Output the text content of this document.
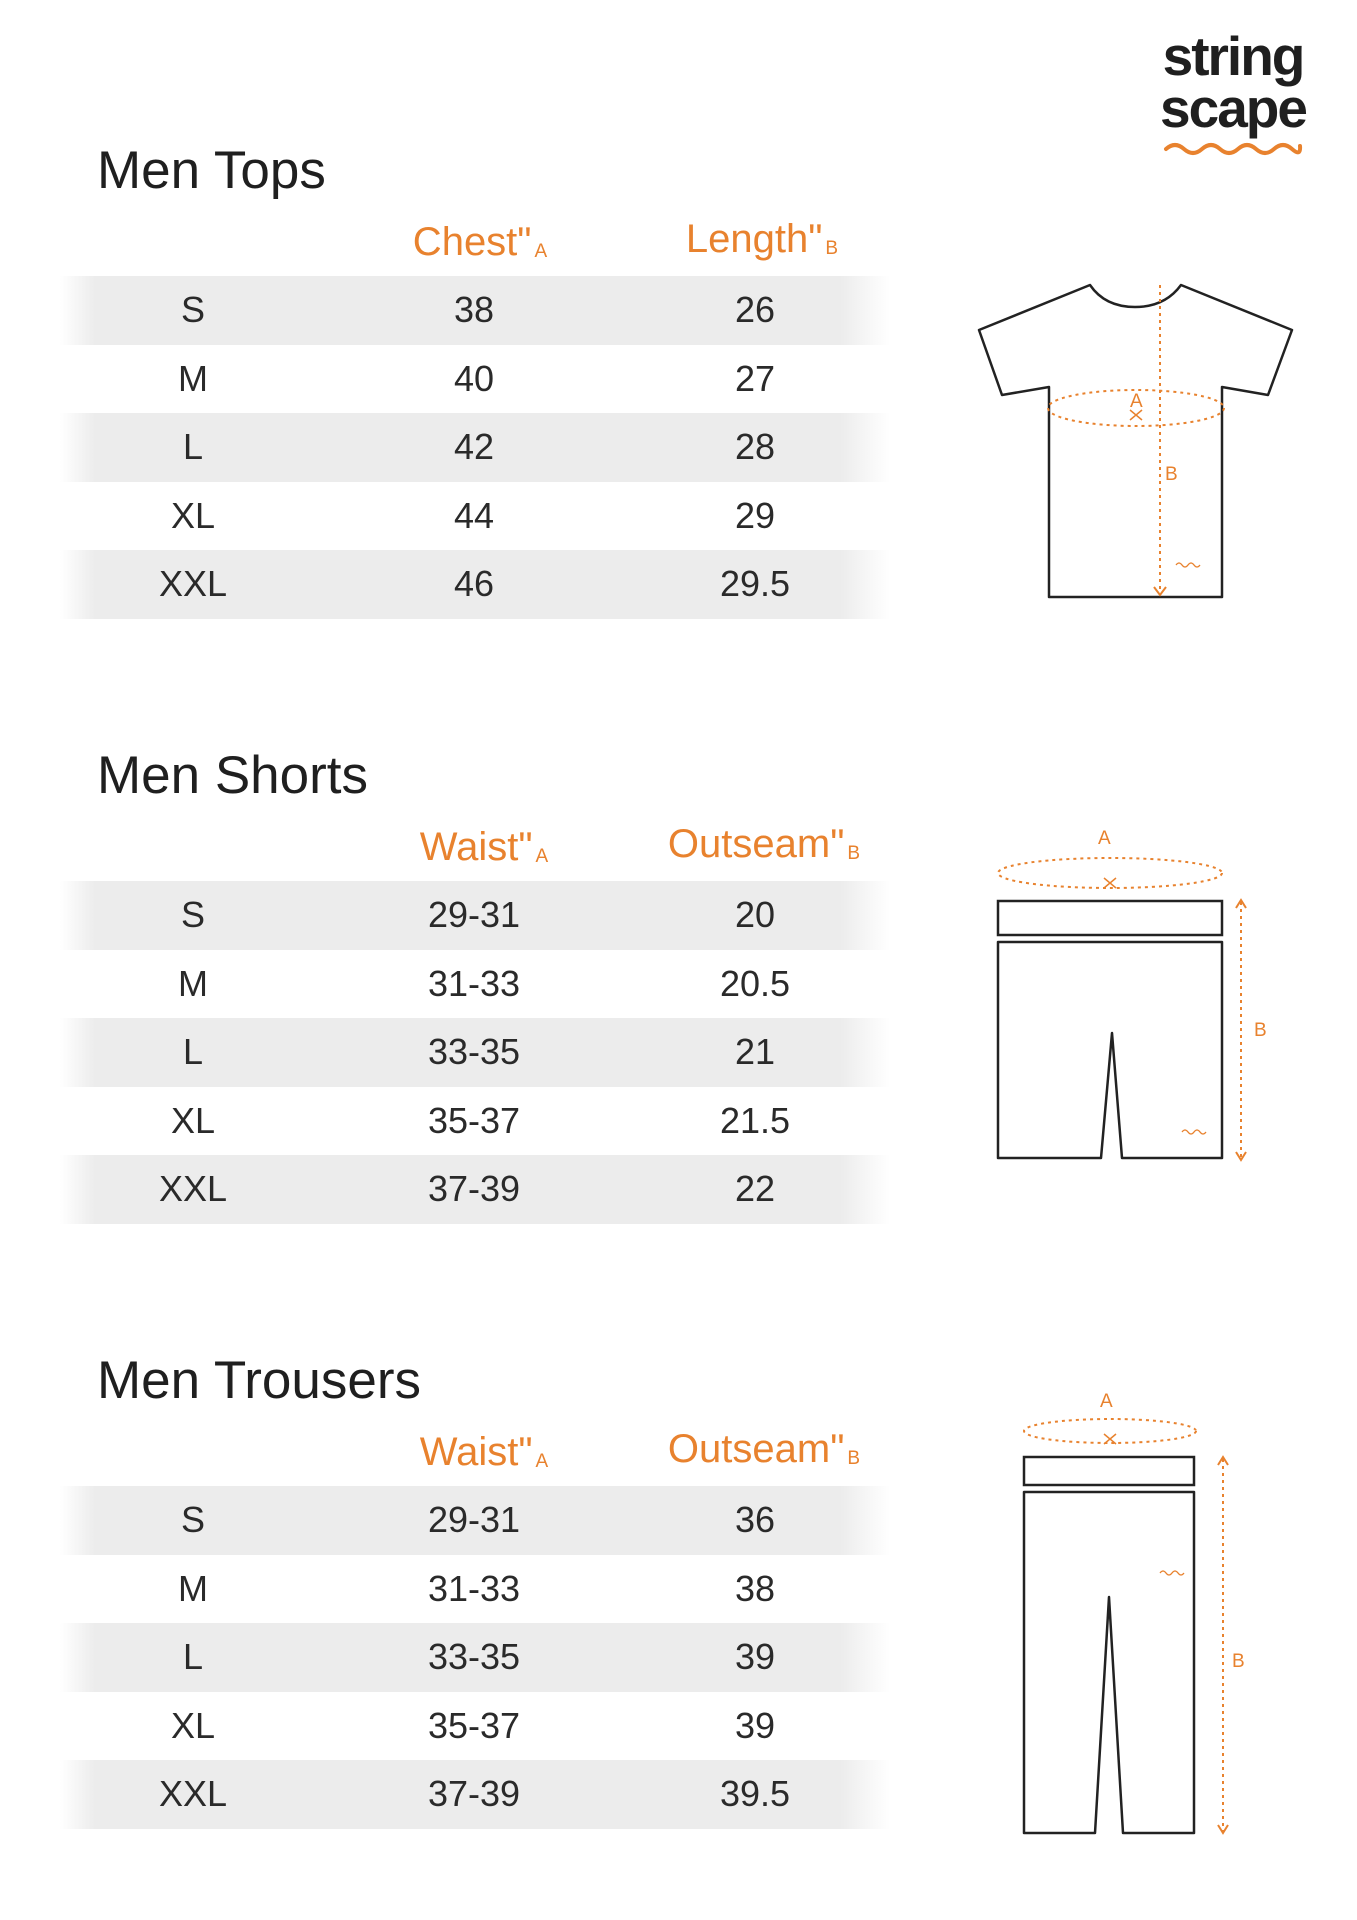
string
scape
Men Tops
Chest" A	Length" B
S	38	26
M	40	27
L	42	28
XL	44	29
XXL	46	29.5
A
B
Men Shorts
Waist" A	Outseam" B
S	29-31	20
M	31-33	20.5
L	33-35	21
XL	35-37	21.5
XXL	37-39	22
A
B
Men Trousers
Waist" A	Outseam" B
S	29-31	36
M	31-33	38
L	33-35	39
XL	35-37	39
XXL	37-39	39.5
A
B
